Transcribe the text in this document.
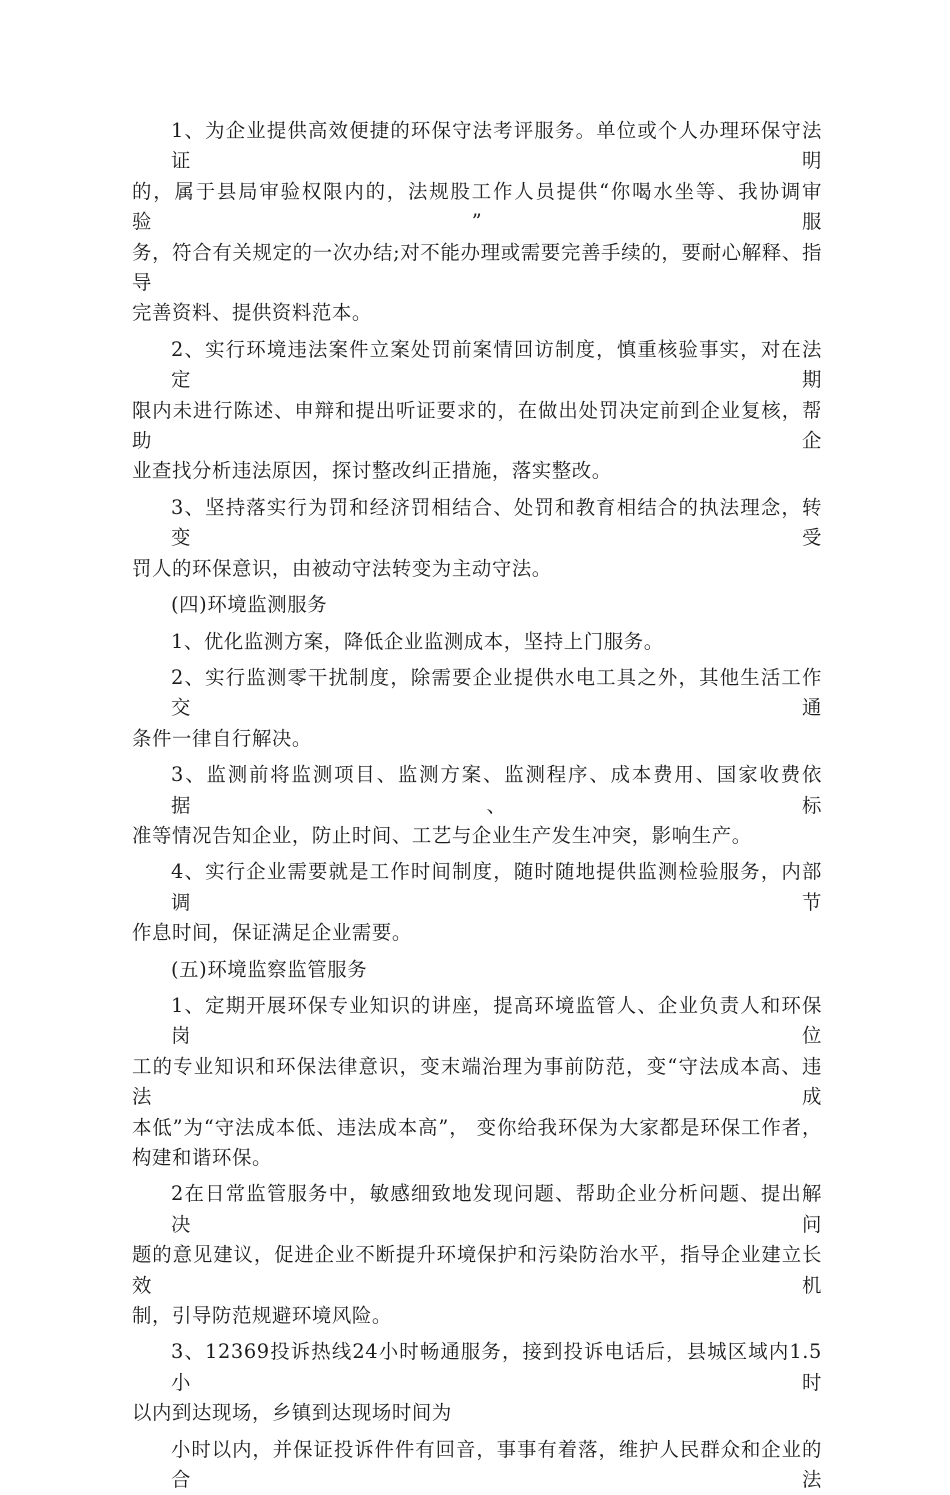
1、为企业提供高效便捷的环保守法考评服务。单位或个人办理环保守法证明
的，属于县局审验权限内的，法规股工作人员提供“你喝水坐等、我协调审验”服
务，符合有关规定的一次办结;对不能办理或需要完善手续的，要耐心解释、指导
完善资料、提供资料范本。
2、实行环境违法案件立案处罚前案情回访制度，慎重核验事实，对在法定期
限内未进行陈述、申辩和提出听证要求的，在做出处罚决定前到企业复核，帮助企
业查找分析违法原因，探讨整改纠正措施，落实整改。
3、坚持落实行为罚和经济罚相结合、处罚和教育相结合的执法理念，转变受
罚人的环保意识，由被动守法转变为主动守法。
(四)环境监测服务
1、优化监测方案，降低企业监测成本，坚持上门服务。
2、实行监测零干扰制度，除需要企业提供水电工具之外，其他生活工作交通
条件一律自行解决。
3、监测前将监测项目、监测方案、监测程序、成本费用、国家收费依据、标
准等情况告知企业，防止时间、工艺与企业生产发生冲突，影响生产。
4、实行企业需要就是工作时间制度，随时随地提供监测检验服务，内部调节
作息时间，保证满足企业需要。
(五)环境监察监管服务
1、定期开展环保专业知识的讲座，提高环境监管人、企业负责人和环保岗位
工的专业知识和环保法律意识，变末端治理为事前防范，变“守法成本高、违法成
本低”为“守法成本低、违法成本高”， 变你给我环保为大家都是环保工作者，
构建和谐环保。
2在日常监管服务中，敏感细致地发现问题、帮助企业分析问题、提出解决问
题的意见建议，促进企业不断提升环境保护和污染防治水平，指导企业建立长效机
制，引导防范规避环境风险。
3、12369投诉热线24小时畅通服务，接到投诉电话后，县城区域内1.5小时
以内到达现场，乡镇到达现场时间为
小时以内，并保证投诉件件有回音，事事有着落，维护人民群众和企业的合法
